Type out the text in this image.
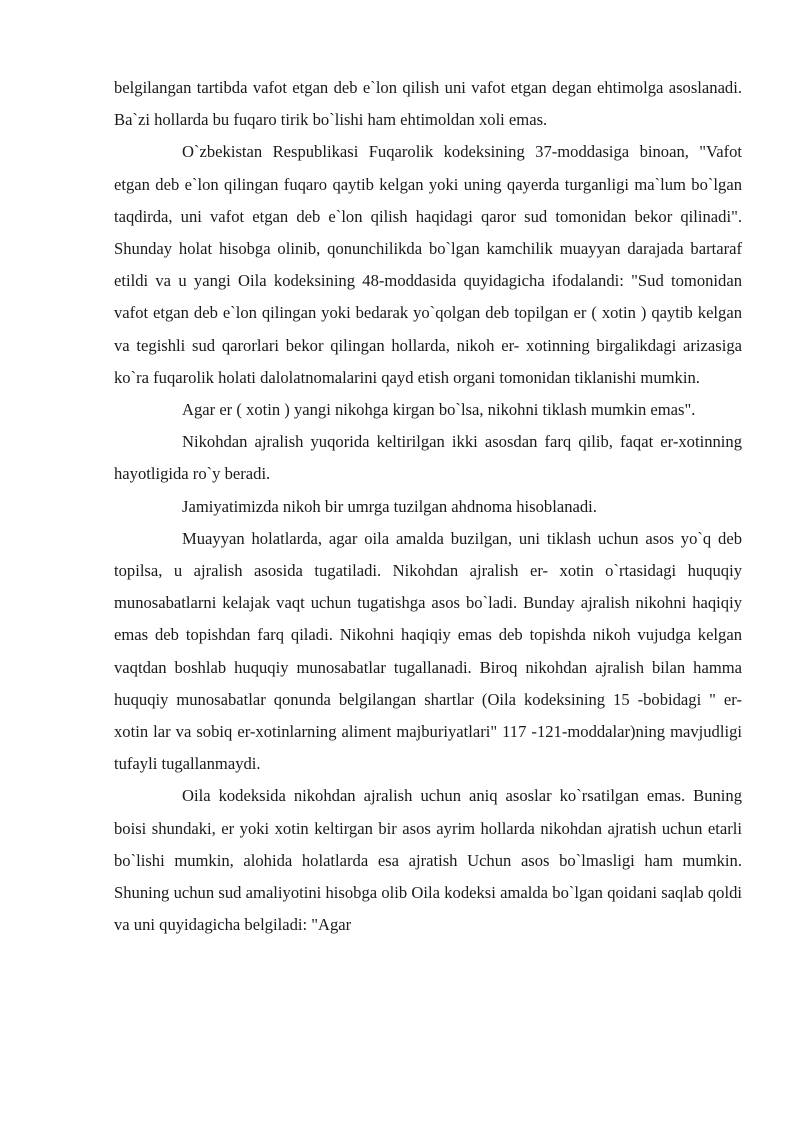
belgilangan tartibda vafot etgan deb e`lon qilish uni vafot etgan degan ehtimolga asoslanadi. Ba`zi hollarda bu fuqaro tirik bo`lishi ham ehtimoldan xoli emas.

O`zbekistan Respublikasi Fuqarolik kodeksining 37-moddasiga binoan, "Vafot etgan deb e`lon qilingan fuqaro qaytib kelgan yoki uning qayerda turganligi ma`lum bo`lgan taqdirda, uni vafot etgan deb e`lon qilish haqidagi qaror sud tomonidan bekor qilinadi". Shunday holat hisobga olinib, qonunchilikda bo`lgan kamchilik muayyan darajada bartaraf etildi va u yangi Oila kodeksining 48-moddasida quyidagicha ifodalandi: "Sud tomonidan vafot etgan deb e`lon qilingan yoki bedarak yo`qolgan deb topilgan er ( xotin ) qaytib kelgan va tegishli sud qarorlari bekor qilingan hollarda, nikoh er- xotinning birgalikdagi arizasiga ko`ra fuqarolik holati dalolatnomalarini qayd etish organi tomonidan tiklanishi mumkin.

Agar er ( xotin ) yangi nikohga kirgan bo`lsa, nikohni tiklash mumkin emas".

Nikohdan ajralish yuqorida keltirilgan ikki asosdan farq qilib, faqat er-xotinning hayotligida ro`y beradi.

Jamiyatimizda nikoh bir umrga tuzilgan ahdnoma hisoblanadi.

Muayyan holatlarda, agar oila amalda buzilgan, uni tiklash uchun asos yo`q deb topilsa, u ajralish asosida tugatiladi. Nikohdan ajralish er- xotin o`rtasidagi huquqiy munosabatlarni kelajak vaqt uchun tugatishga asos bo`ladi. Bunday ajralish nikohni haqiqiy emas deb topishdan farq qiladi. Nikohni haqiqiy emas deb topishda nikoh vujudga kelgan vaqtdan boshlab huquqiy munosabatlar tugallanadi. Biroq nikohdan ajralish bilan hamma huquqiy munosabatlar qonunda belgilangan shartlar (Oila kodeksining 15 -bobidagi " er- xotin lar va sobiq er-xotinlarning aliment majburiyatlari" 117 -121-moddalar)ning mavjudligi tufayli tugallanmaydi.

Oila kodeksida nikohdan ajralish uchun aniq asoslar ko`rsatilgan emas. Buning boisi shundaki, er yoki xotin keltirgan bir asos ayrim hollarda nikohdan ajratish uchun etarli bo`lishi mumkin, alohida holatlarda esa ajratish Uchun asos bo`lmasligi ham mumkin. Shuning uchun sud amaliyotini hisobga olib Oila kodeksi amalda bo`lgan qoidani saqlab qoldi va uni quyidagicha belgiladi: "Agar
